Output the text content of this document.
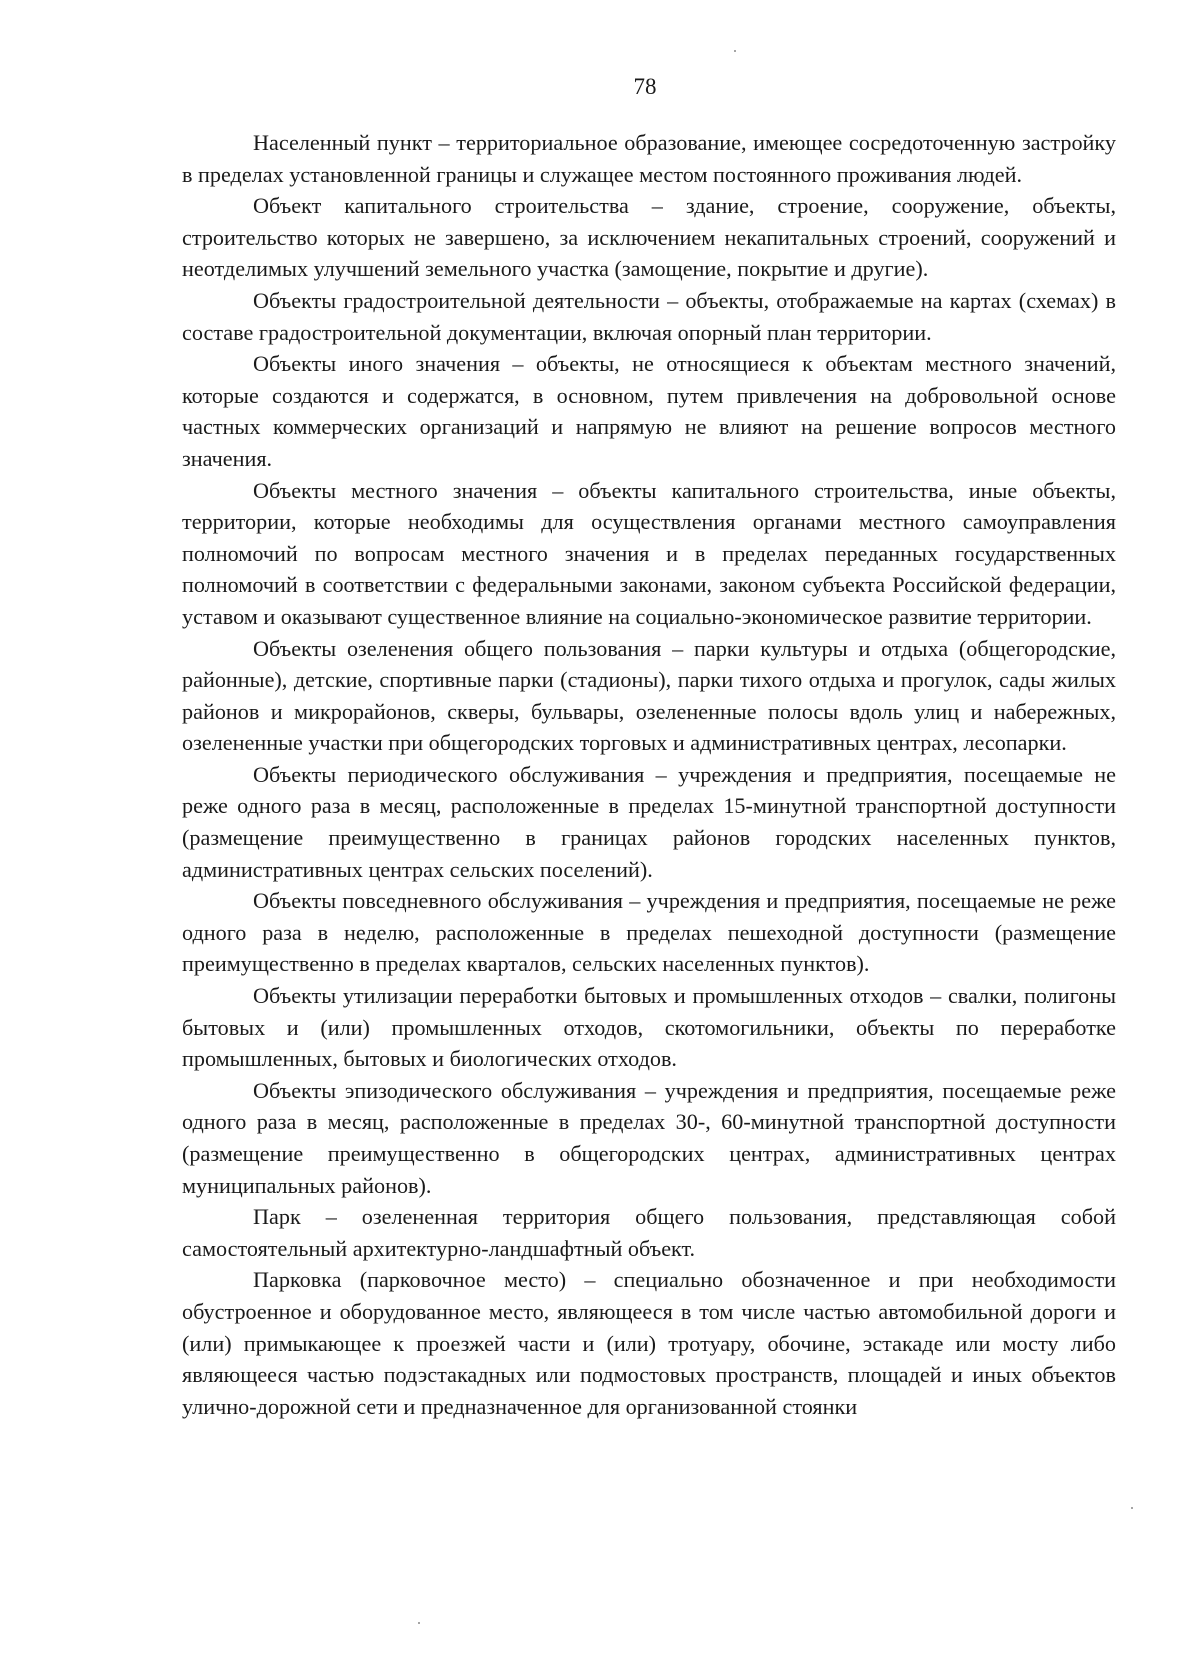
78

Населенный пункт – территориальное образование, имеющее сосредоточенную застройку в пределах установленной границы и служащее местом постоянного проживания людей.

Объект капитального строительства – здание, строение, сооружение, объекты, строительство которых не завершено, за исключением некапитальных строений, сооружений и неотделимых улучшений земельного участка (замощение, покрытие и другие).

Объекты градостроительной деятельности – объекты, отображаемые на картах (схемах) в составе градостроительной документации, включая опорный план территории.

Объекты иного значения – объекты, не относящиеся к объектам местного значений, которые создаются и содержатся, в основном, путем привлечения на добровольной основе частных коммерческих организаций и напрямую не влияют на решение вопросов местного значения.

Объекты местного значения – объекты капитального строительства, иные объекты, территории, которые необходимы для осуществления органами местного самоуправления полномочий по вопросам местного значения и в пределах переданных государственных полномочий в соответствии с федеральными законами, законом субъекта Российской федерации, уставом и оказывают существенное влияние на социально-экономическое развитие территории.

Объекты озеленения общего пользования – парки культуры и отдыха (общегородские, районные), детские, спортивные парки (стадионы), парки тихого отдыха и прогулок, сады жилых районов и микрорайонов, скверы, бульвары, озелененные полосы вдоль улиц и набережных, озелененные участки при общегородских торговых и административных центрах, лесопарки.

Объекты периодического обслуживания – учреждения и предприятия, посещаемые не реже одного раза в месяц, расположенные в пределах 15-минутной транспортной доступности (размещение преимущественно в границах районов городских населенных пунктов, административных центрах сельских поселений).

Объекты повседневного обслуживания – учреждения и предприятия, посещаемые не реже одного раза в неделю, расположенные в пределах пешеходной доступности (размещение преимущественно в пределах кварталов, сельских населенных пунктов).

Объекты утилизации переработки бытовых и промышленных отходов – свалки, полигоны бытовых и (или) промышленных отходов, скотомогильники, объекты по переработке промышленных, бытовых и биологических отходов.

Объекты эпизодического обслуживания – учреждения и предприятия, посещаемые реже одного раза в месяц, расположенные в пределах 30-, 60-минутной транспортной доступности (размещение преимущественно в общегородских центрах, административных центрах муниципальных районов).

Парк – озелененная территория общего пользования, представляющая собой самостоятельный архитектурно-ландшафтный объект.

Парковка (парковочное место) – специально обозначенное и при необходимости обустроенное и оборудованное место, являющееся в том числе частью автомобильной дороги и (или) примыкающее к проезжей части и (или) тротуару, обочине, эстакаде или мосту либо являющееся частью подэстакадных или подмостовых пространств, площадей и иных объектов улично-дорожной сети и предназначенное для организованной стоянки
